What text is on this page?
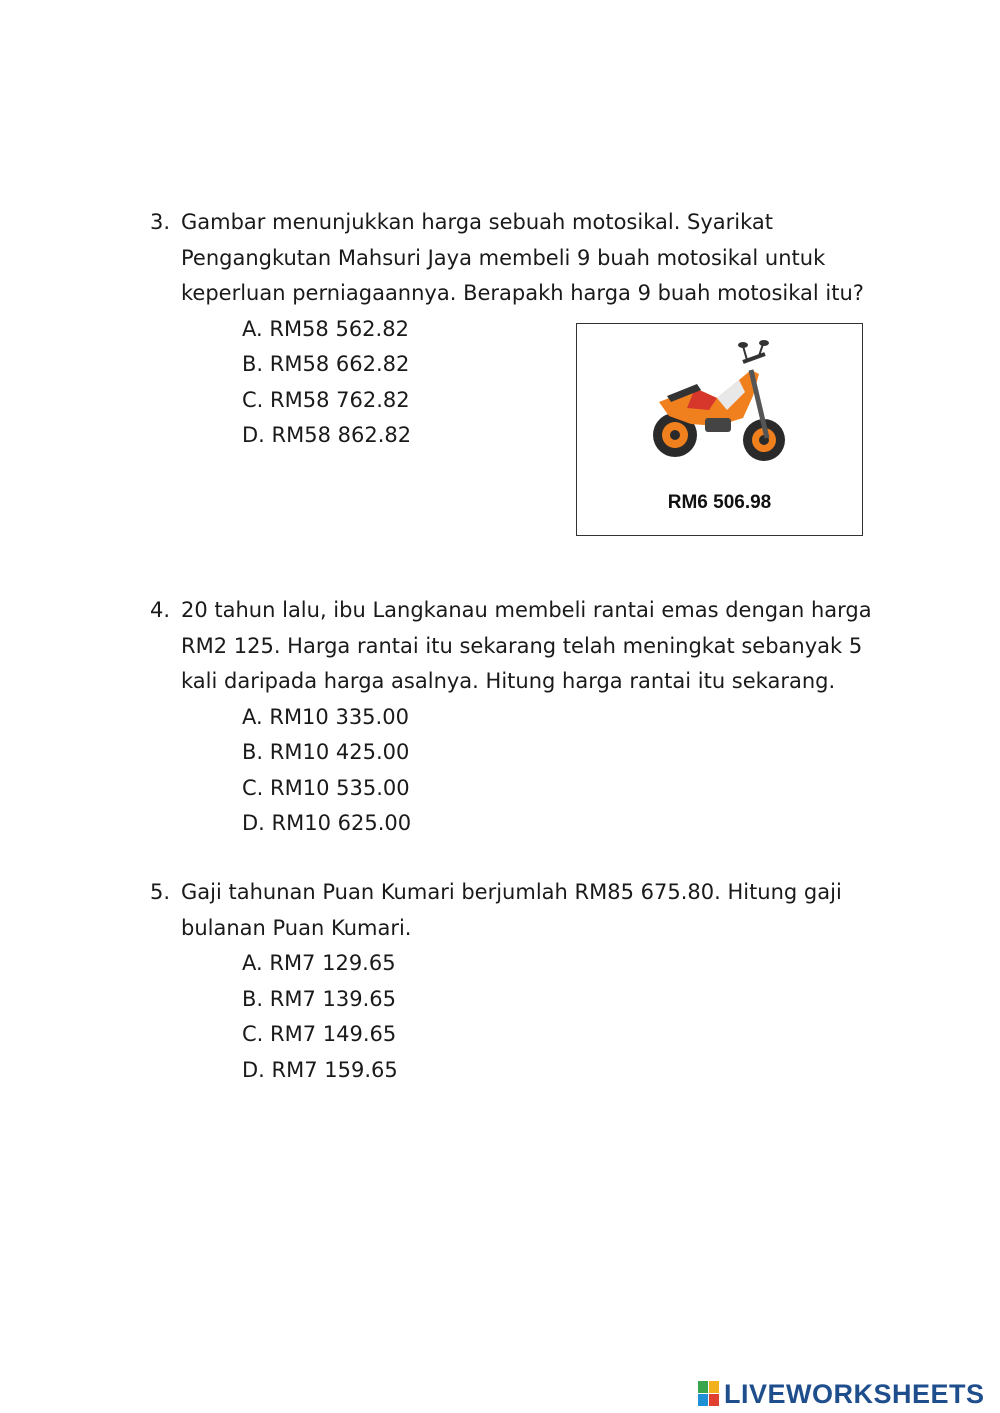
3. Gambar menunjukkan harga sebuah motosikal. Syarikat
Pengangkutan Mahsuri Jaya membeli 9 buah motosikal untuk
keperluan perniagaannya. Berapakh harga 9 buah motosikal itu?
A. RM58 562.82
B. RM58 662.82
C. RM58 762.82
D. RM58 862.82
RM6 506.98
4. 20 tahun lalu, ibu Langkanau membeli rantai emas dengan harga
RM2 125. Harga rantai itu sekarang telah meningkat sebanyak 5
kali daripada harga asalnya. Hitung harga rantai itu sekarang.
A. RM10 335.00
B. RM10 425.00
C. RM10 535.00
D. RM10 625.00
5. Gaji tahunan Puan Kumari berjumlah RM85 675.80. Hitung gaji
bulanan Puan Kumari.
A. RM7 129.65
B. RM7 139.65
C. RM7 149.65
D. RM7 159.65
LIVEWORKSHEETS
